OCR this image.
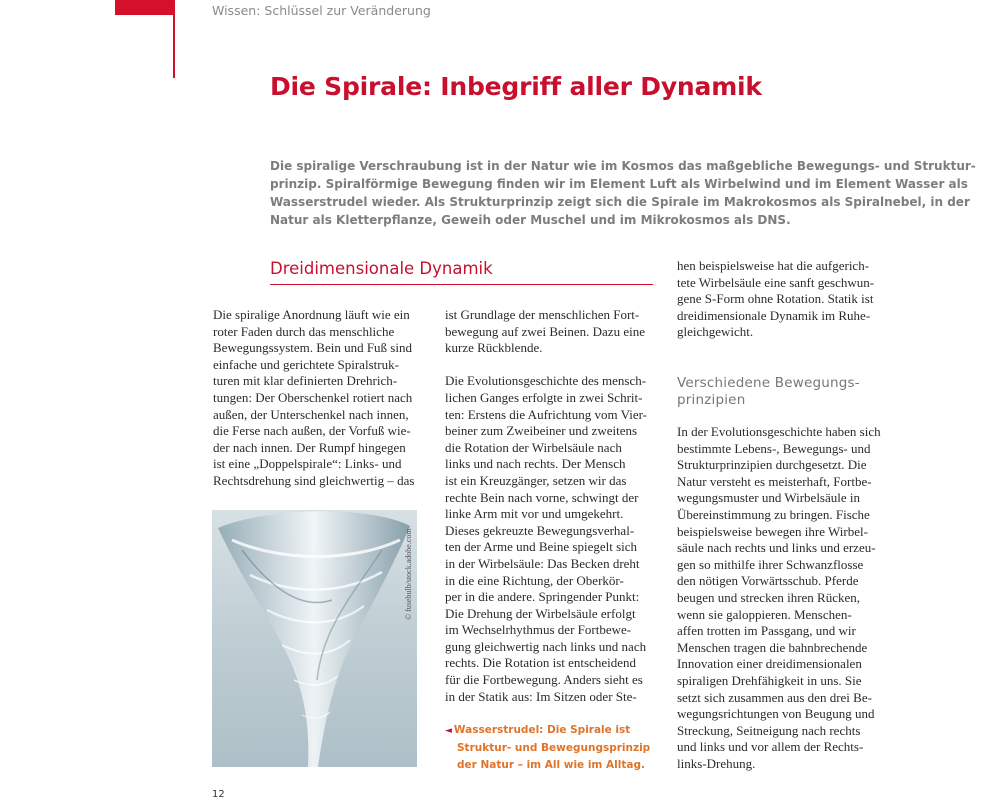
Wissen: Schlüssel zur Veränderung
Die Spirale: Inbegriff aller Dynamik
Die spiralige Verschraubung ist in der Natur wie im Kosmos das maßgebliche Bewegungs- und Struktur-
prinzip. Spiralförmige Bewegung finden wir im Element Luft als Wirbelwind und im Element Wasser als
Wasserstrudel wieder. Als Strukturprinzip zeigt sich die Spirale im Makrokosmos als Spiralnebel, in der
Natur als Kletterpflanze, Geweih oder Muschel und im Mikrokosmos als DNS.
Dreidimensionale Dynamik
Die spiralige Anordnung läuft wie ein
roter Faden durch das menschliche
Bewegungssystem. Bein und Fuß sind
einfache und gerichtete Spiralstruk-
turen mit klar definierten Drehrich-
tungen: Der Oberschenkel rotiert nach
außen, der Unterschenkel nach innen,
die Ferse nach außen, der Vorfuß wie-
der nach innen. Der Rumpf hingegen
ist eine „Doppelspirale“: Links- und
Rechtsdrehung sind gleichwertig – das
© fusebulb/stock.adobe.com
ist Grundlage der menschlichen Fort-
bewegung auf zwei Beinen. Dazu eine
kurze Rückblende.
Die Evolutionsgeschichte des mensch-
lichen Ganges erfolgte in zwei Schrit-
ten: Erstens die Aufrichtung vom Vier-
beiner zum Zweibeiner und zweitens
die Rotation der Wirbelsäule nach
links und nach rechts. Der Mensch
ist ein Kreuzgänger, setzen wir das
rechte Bein nach vorne, schwingt der
linke Arm mit vor und umgekehrt.
Dieses gekreuzte Bewegungsverhal-
ten der Arme und Beine spiegelt sich
in der Wirbelsäule: Das Becken dreht
in die eine Richtung, der Oberkör-
per in die andere. Springender Punkt:
Die Drehung der Wirbelsäule erfolgt
im Wechselrhythmus der Fortbewe-
gung gleichwertig nach links und nach
rechts. Die Rotation ist entscheidend
für die Fortbewegung. Anders sieht es
in der Statik aus: Im Sitzen oder Ste-
◄ Wasserstrudel: Die Spirale ist
Struktur- und Bewegungsprinzip
der Natur – im All wie im Alltag.
hen beispielsweise hat die aufgerich-
tete Wirbelsäule eine sanft geschwun-
gene S-Form ohne Rotation. Statik ist
dreidimensionale Dynamik im Ruhe-
gleichgewicht.
Verschiedene Bewegungs-
prinzipien
In der Evolutionsgeschichte haben sich
bestimmte Lebens-, Bewegungs- und
Strukturprinzipien durchgesetzt. Die
Natur versteht es meisterhaft, Fortbe-
wegungsmuster und Wirbelsäule in
Übereinstimmung zu bringen. Fische
beispielsweise bewegen ihre Wirbel-
säule nach rechts und links und erzeu-
gen so mithilfe ihrer Schwanzflosse
den nötigen Vorwärtsschub. Pferde
beugen und strecken ihren Rücken,
wenn sie galoppieren. Menschen-
affen trotten im Passgang, und wir
Menschen tragen die bahnbrechende
Innovation einer dreidimensionalen
spiraligen Drehfähigkeit in uns. Sie
setzt sich zusammen aus den drei Be-
wegungsrichtungen von Beugung und
Streckung, Seitneigung nach rechts
und links und vor allem der Rechts-
links-Drehung.
12
